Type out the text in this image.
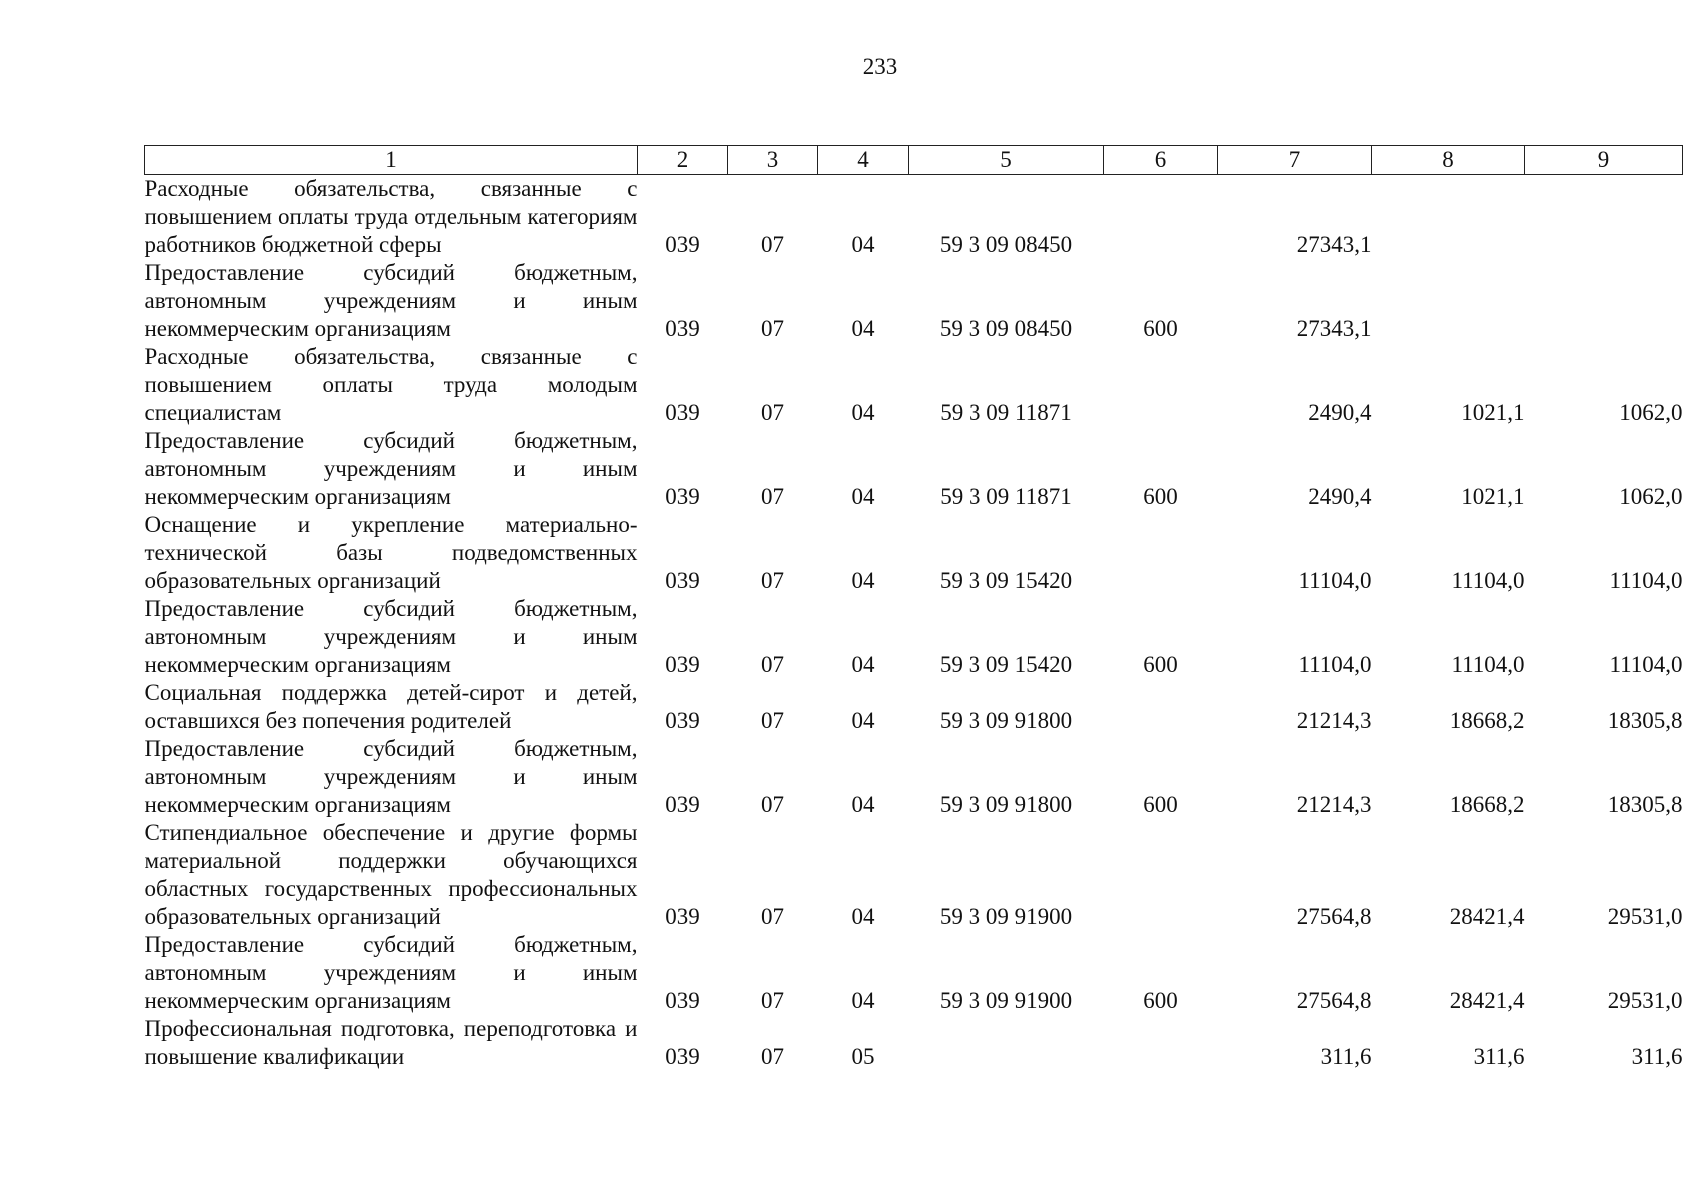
233
1	2	3	4	5	6	7	8	9
Расходные обязательства, связанные с повышением оплаты труда отдельным категориям работников бюджетной сферы	039	07	04	59 3 09 08450		27343,1		
Предоставление субсидий бюджетным, автономным учреждениям и иным некоммерческим организациям	039	07	04	59 3 09 08450	600	27343,1		
Расходные обязательства, связанные с повышением оплаты труда молодым специалистам	039	07	04	59 3 09 11871		2490,4	1021,1	1062,0
Предоставление субсидий бюджетным, автономным учреждениям и иным некоммерческим организациям	039	07	04	59 3 09 11871	600	2490,4	1021,1	1062,0
Оснащение и укрепление материально-технической базы подведомственных образовательных организаций	039	07	04	59 3 09 15420		11104,0	11104,0	11104,0
Предоставление субсидий бюджетным, автономным учреждениям и иным некоммерческим организациям	039	07	04	59 3 09 15420	600	11104,0	11104,0	11104,0
Социальная поддержка детей-сирот и детей, оставшихся без попечения родителей	039	07	04	59 3 09 91800		21214,3	18668,2	18305,8
Предоставление субсидий бюджетным, автономным учреждениям и иным некоммерческим организациям	039	07	04	59 3 09 91800	600	21214,3	18668,2	18305,8
Стипендиальное обеспечение и другие формы материальной поддержки обучающихся областных государственных профессиональных образовательных организаций	039	07	04	59 3 09 91900		27564,8	28421,4	29531,0
Предоставление субсидий бюджетным, автономным учреждениям и иным некоммерческим организациям	039	07	04	59 3 09 91900	600	27564,8	28421,4	29531,0
Профессиональная подготовка, переподготовка и повышение квалификации	039	07	05			311,6	311,6	311,6
